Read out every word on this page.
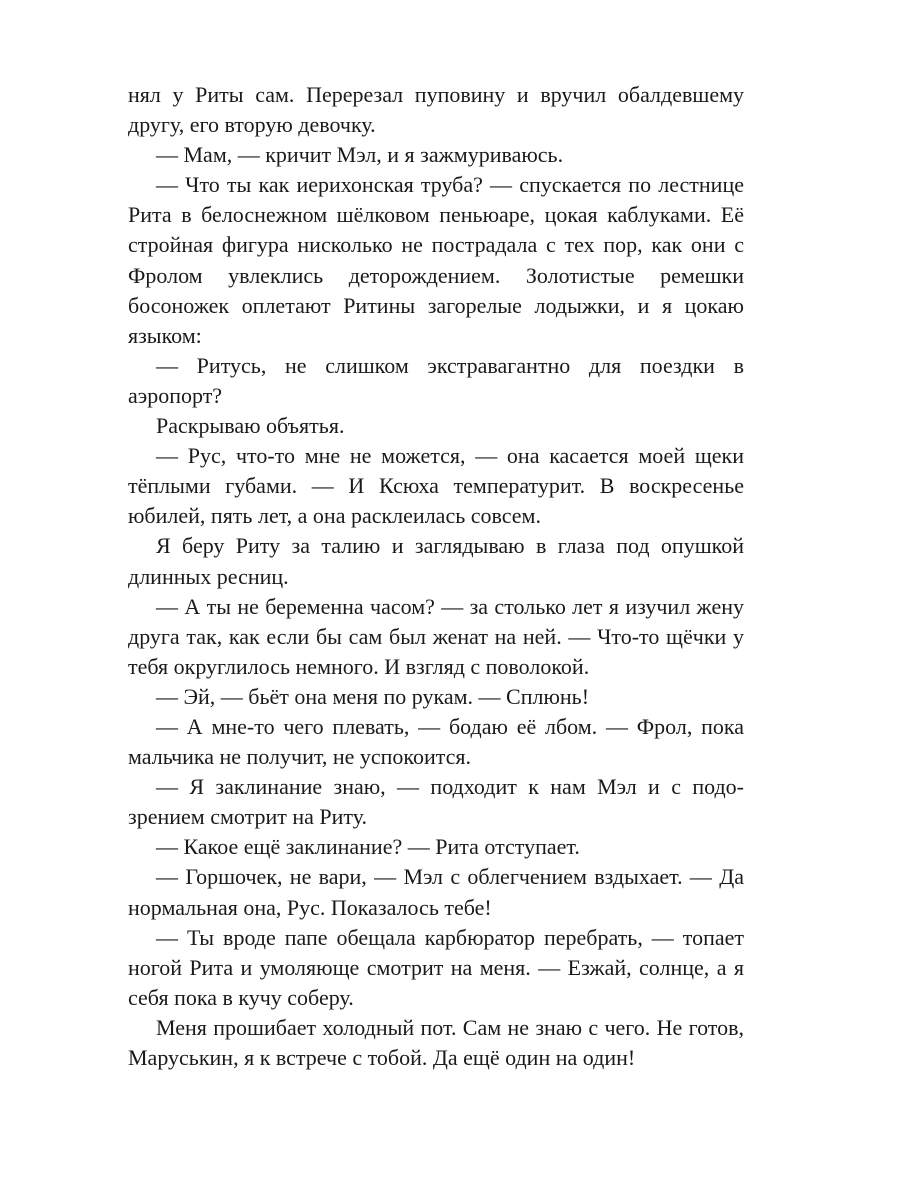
нял у Риты сам. Перерезал пуповину и вручил обалдевшему другу, его вторую девочку.

— Мам, — кричит Мэл, и я зажмуриваюсь.

— Что ты как иерихонская труба? — спускается по лестнице Рита в белоснежном шёлковом пеньюаре, цокая каблуками. Её стройная фигура нисколько не пострадала с тех пор, как они с Фролом увлеклись деторождением. Золотистые ремешки босоножек оплетают Ритины загорелые лодыжки, и я цокаю языком:

— Ритусь, не слишком экстравагантно для поездки в аэропорт?

Раскрываю объятья.

— Рус, что-то мне не можется, — она касается моей щеки тёплыми губами. — И Ксюха температурит. В воскресенье юбилей, пять лет, а она расклеилась совсем.

Я беру Риту за талию и заглядываю в глаза под опушкой длинных ресниц.

— А ты не беременна часом? — за столько лет я изучил жену друга так, как если бы сам был женат на ней. — Что-то щёчки у тебя округлилось немного. И взгляд с поволокой.

— Эй, — бьёт она меня по рукам. — Сплюнь!

— А мне-то чего плевать, — бодаю её лбом. — Фрол, пока мальчика не получит, не успокоится.

— Я заклинание знаю, — подходит к нам Мэл и с подозрением смотрит на Риту.

— Какое ещё заклинание? — Рита отступает.

— Горшочек, не вари, — Мэл с облегчением вздыхает. — Да нормальная она, Рус. Показалось тебе!

— Ты вроде папе обещала карбюратор перебрать, — топает ногой Рита и умоляюще смотрит на меня. — Езжай, солнце, а я себя пока в кучу соберу.

Меня прошибает холодный пот. Сам не знаю с чего. Не готов, Маруськин, я к встрече с тобой. Да ещё один на один!
